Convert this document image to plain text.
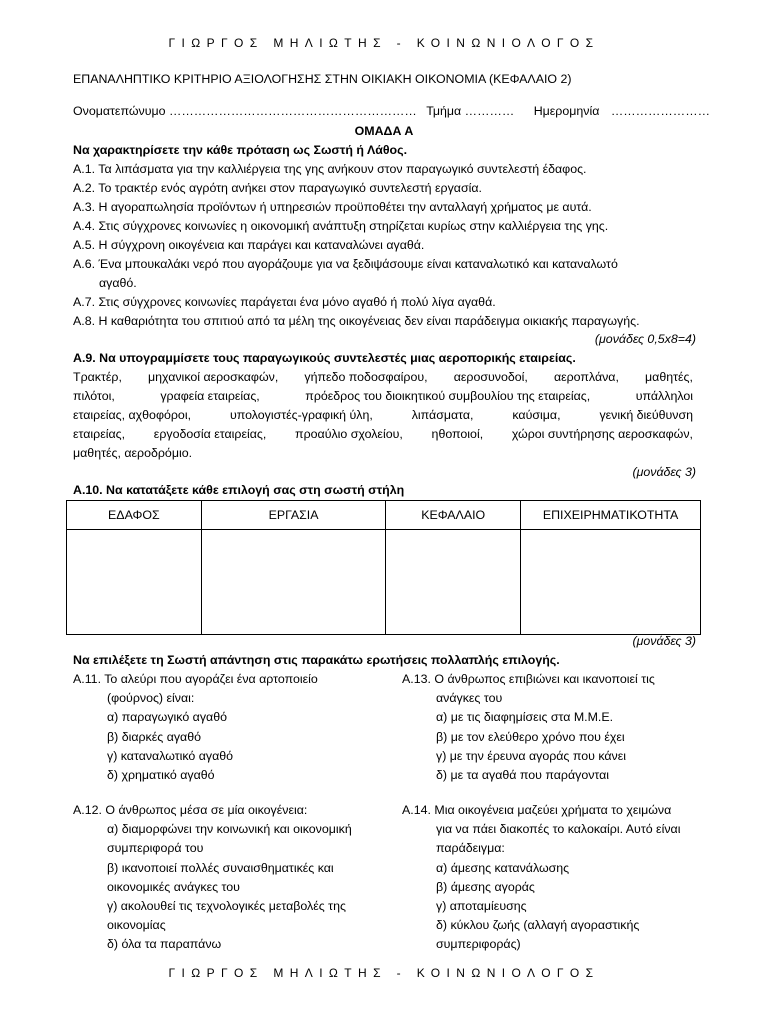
ΓΙΩΡΓΟΣ ΜΗΛΙΩΤΗΣ - ΚΟΙΝΩΝΙΟΛΟΓΟΣ
ΕΠΑΝΑΛΗΠΤΙΚΟ ΚΡΙΤΗΡΙΟ ΑΞΙΟΛΟΓΗΣΗΣ ΣΤΗΝ ΟΙΚΙΑΚΗ ΟΙΚΟΝΟΜΙΑ (ΚΕΦΑΛΑΙΟ 2)
Ονοματεπώνυμο …………………………………………………… Τμήμα ………… Ημερομηνία ……………………
ΟΜΑΔΑ Α
Να χαρακτηρίσετε την κάθε πρόταση ως Σωστή ή Λάθος.
Α.1. Τα λιπάσματα για την καλλιέργεια της γης ανήκουν στον παραγωγικό συντελεστή έδαφος.
Α.2. Το τρακτέρ ενός αγρότη ανήκει στον παραγωγικό συντελεστή εργασία.
Α.3. Η αγοραπωλησία προϊόντων ή υπηρεσιών προϋποθέτει την ανταλλαγή χρήματος με αυτά.
Α.4. Στις σύγχρονες κοινωνίες η οικονομική ανάπτυξη στηρίζεται κυρίως στην καλλιέργεια της γης.
Α.5. Η σύγχρονη οικογένεια και παράγει και καταναλώνει αγαθά.
Α.6. Ένα μπουκαλάκι νερό που αγοράζουμε για να ξεδιψάσουμε είναι καταναλωτικό και καταναλωτό
αγαθό.
Α.7. Στις σύγχρονες κοινωνίες παράγεται ένα μόνο αγαθό ή πολύ λίγα αγαθά.
Α.8. Η καθαριότητα του σπιτιού από τα μέλη της οικογένειας δεν είναι παράδειγμα οικιακής παραγωγής.
(μονάδες 0,5x8=4)
Α.9. Να υπογραμμίσετε τους παραγωγικούς συντελεστές μιας αεροπορικής εταιρείας.
Τρακτέρ, μηχανικοί αεροσκαφών, γήπεδο ποδοσφαίρου, αεροσυνοδοί, αεροπλάνα, μαθητές,
πιλότοι,	γραφεία εταιρείας,	πρόεδρος του διοικητικού συμβουλίου της εταιρείας,	υπάλληλοι
εταιρείας, αχθοφόροι,	υπολογιστές-γραφική ύλη,	λιπάσματα,	καύσιμα,	γενική διεύθυνση
εταιρείας, εργοδοσία εταιρείας, προαύλιο σχολείου, ηθοποιοί, χώροι συντήρησης αεροσκαφών,
μαθητές, αεροδρόμιο.
(μονάδες 3)
Α.10. Να κατατάξετε κάθε επιλογή σας στη σωστή στήλη
ΕΔΑΦΟΣ	ΕΡΓΑΣΙΑ	ΚΕΦΑΛΑΙΟ	ΕΠΙΧΕΙΡΗΜΑΤΙΚΟΤΗΤΑ

(μονάδες 3)
Να επιλέξετε τη Σωστή απάντηση στις παρακάτω ερωτήσεις πολλαπλής επιλογής.
Α.11. Το αλεύρι που αγοράζει ένα αρτοποιείο
(φούρνος) είναι:
α) παραγωγικό αγαθό
β) διαρκές αγαθό
γ) καταναλωτικό αγαθό
δ) χρηματικό αγαθό
Α.13. Ο άνθρωπος επιβιώνει και ικανοποιεί τις
ανάγκες του
α) με τις διαφημίσεις στα Μ.Μ.Ε.
β) με τον ελεύθερο χρόνο που έχει
γ) με την έρευνα αγοράς που κάνει
δ) με τα αγαθά που παράγονται
Α.12. Ο άνθρωπος μέσα σε μία οικογένεια:
α) διαμορφώνει την κοινωνική και οικονομική
συμπεριφορά του
β) ικανοποιεί πολλές συναισθηματικές και
οικονομικές ανάγκες του
γ) ακολουθεί τις τεχνολογικές μεταβολές της
οικονομίας
δ) όλα τα παραπάνω
Α.14. Μια οικογένεια μαζεύει χρήματα το χειμώνα
για να πάει διακοπές το καλοκαίρι. Αυτό είναι
παράδειγμα:
α) άμεσης κατανάλωσης
β) άμεσης αγοράς
γ) αποταμίευσης
δ) κύκλου ζωής (αλλαγή αγοραστικής
συμπεριφοράς)
ΓΙΩΡΓΟΣ ΜΗΛΙΩΤΗΣ - ΚΟΙΝΩΝΙΟΛΟΓΟΣ
